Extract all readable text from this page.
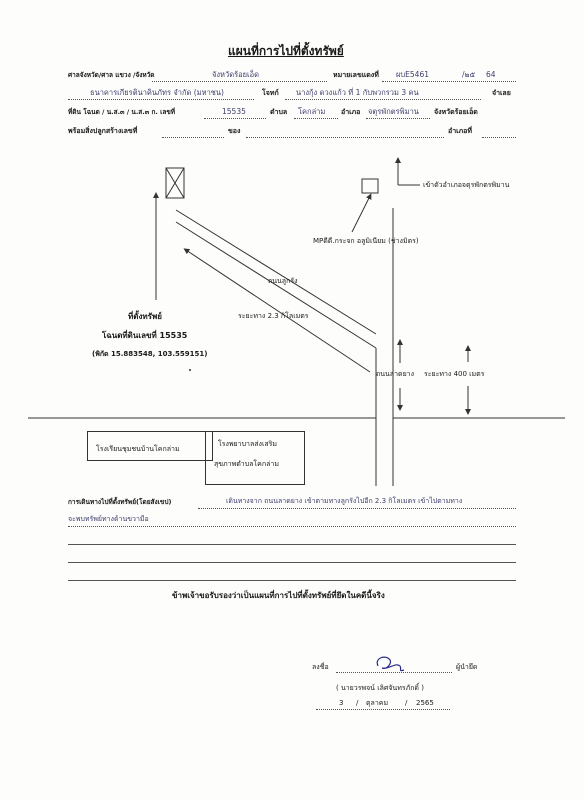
แผนที่การไปที่ตั้งทรัพย์
ศาลจังหวัด/ศาล แขวง /จังหวัด	จังหวัดร้อยเอ็ด	หมายเลขแดงที่ ผบE5461	/๒๕ 64
ธนาคารเกียรตินาคินภัทร จำกัด (มหาชน)	โจทก์ นางกุ้ง ดวงแก้ว ที่ 1 กับพวกรวม 3 คน	จำเลย
ที่ดิน โฉนด / น.ส.๓ / น.ส.๓ ก. เลขที่	15535	ตำบล โคกล่าม อำเภอ จตุรพักตรพิมาน จังหวัดร้อยเอ็ด
พร้อมสิ่งปลูกสร้างเลขที่	ของ	อำเภอที่
เข้าตัวอำเภอจตุรพักตรพิมาน
MPดีดี.กระจก อลูมิเนียม (ช่างมิตร)
ถนนลูกรัง
ระยะทาง 2.3 กิโลเมตร
ที่ตั้งทรัพย์
โฉนดที่ดินเลขที่ 15535
(พิกัด 15.883548, 103.559151)
ถนนลาดยาง ระยะทาง 400 เมตร
โรงเรียนชุมชนบ้านโคกล่าม
โรงพยาบาลส่งเสริม
สุขภาพตำบลโคกล่าม
การเดินทางไปที่ตั้งทรัพย์(โดยสังเขป)	เดินทางจาก ถนนลาดยาง เข้าตามทางลูกรังไปอีก 2.3 กิโลเมตร เข้าไปตามทาง
จะพบทรัพย์ทางด้านขวามือ
ข้าพเจ้าขอรับรองว่าเป็นแผนที่การไปที่ตั้งทรัพย์ที่ยึดในคดีนี้จริง
ลงชื่อ	ผู้นำยึด
( นายวรพจน์ เลิศจันทรภักดิ์ )
3 / ตุลาคม / 2565
